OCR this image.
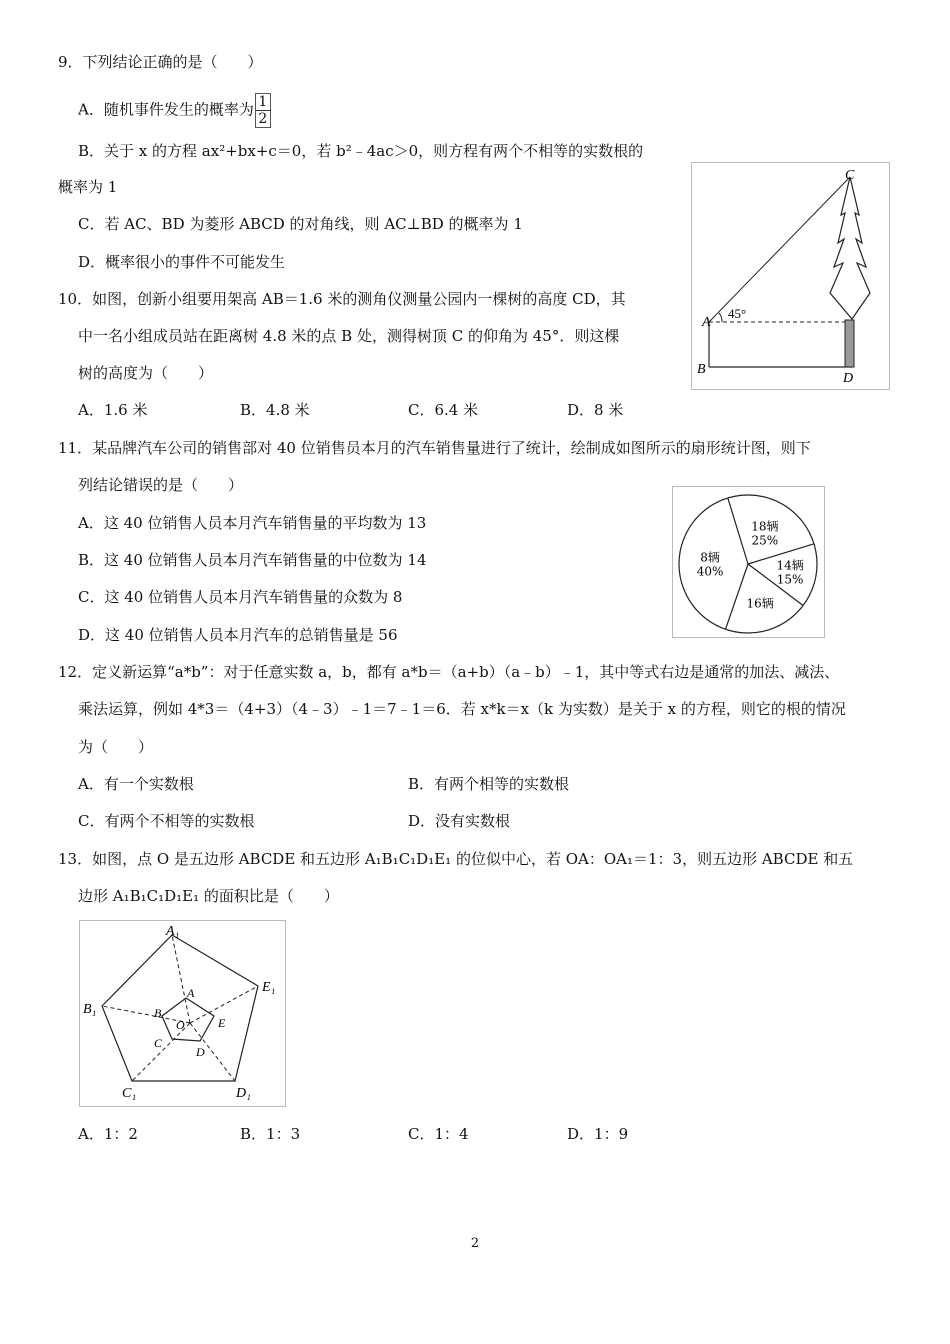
9．下列结论正确的是（　　）
A．随机事件发生的概率为 $\frac{1}{2}$
B．关于 x 的方程 ax²+bx+c＝0，若 b²﹣4ac＞0，则方程有两个不相等的实数根的
概率为 1
C．若 AC、BD 为菱形 ABCD 的对角线，则 AC⊥BD 的概率为 1
D．概率很小的事件不可能发生
A
B
C
D
45°
10．如图，创新小组要用架高 AB＝1.6 米的测角仪测量公园内一棵树的高度 CD，其
中一名小组成员站在距离树 4.8 米的点 B 处，测得树顶 C 的仰角为 45°．则这棵
树的高度为（　　）
A．1.6 米	B．4.8 米	C．6.4 米	D．8 米
11．某品牌汽车公司的销售部对 40 位销售员本月的汽车销售量进行了统计，绘制成如图所示的扇形统计图，则下
列结论错误的是（　　）
A．这 40 位销售人员本月汽车销售量的平均数为 13
B．这 40 位销售人员本月汽车销售量的中位数为 14
C．这 40 位销售人员本月汽车销售量的众数为 8
D．这 40 位销售人员本月汽车的总销售量是 56
18辆
25%
14辆
15%
16辆
8辆
40%
12．定义新运算“a*b”：对于任意实数 a，b，都有 a*b＝（a+b）（a﹣b）﹣1，其中等式右边是通常的加法、减法、
乘法运算，例如 4*3＝（4+3）（4﹣3）﹣1＝7﹣1＝6．若 x*k＝x（k 为实数）是关于 x 的方程，则它的根的情况
为（　　）
A．有一个实数根	B．有两个相等的实数根
C．有两个不相等的实数根	D．没有实数根
13．如图，点 O 是五边形 ABCDE 和五边形 A₁B₁C₁D₁E₁ 的位似中心，若 OA：OA₁＝1：3，则五边形 ABCDE 和五
边形 A₁B₁C₁D₁E₁ 的面积比是（　　）
A₁
E₁
D₁
C₁
B₁
A
E
D
C
B
O
A．1：2	B．1：3	C．1：4	D．1：9
2
